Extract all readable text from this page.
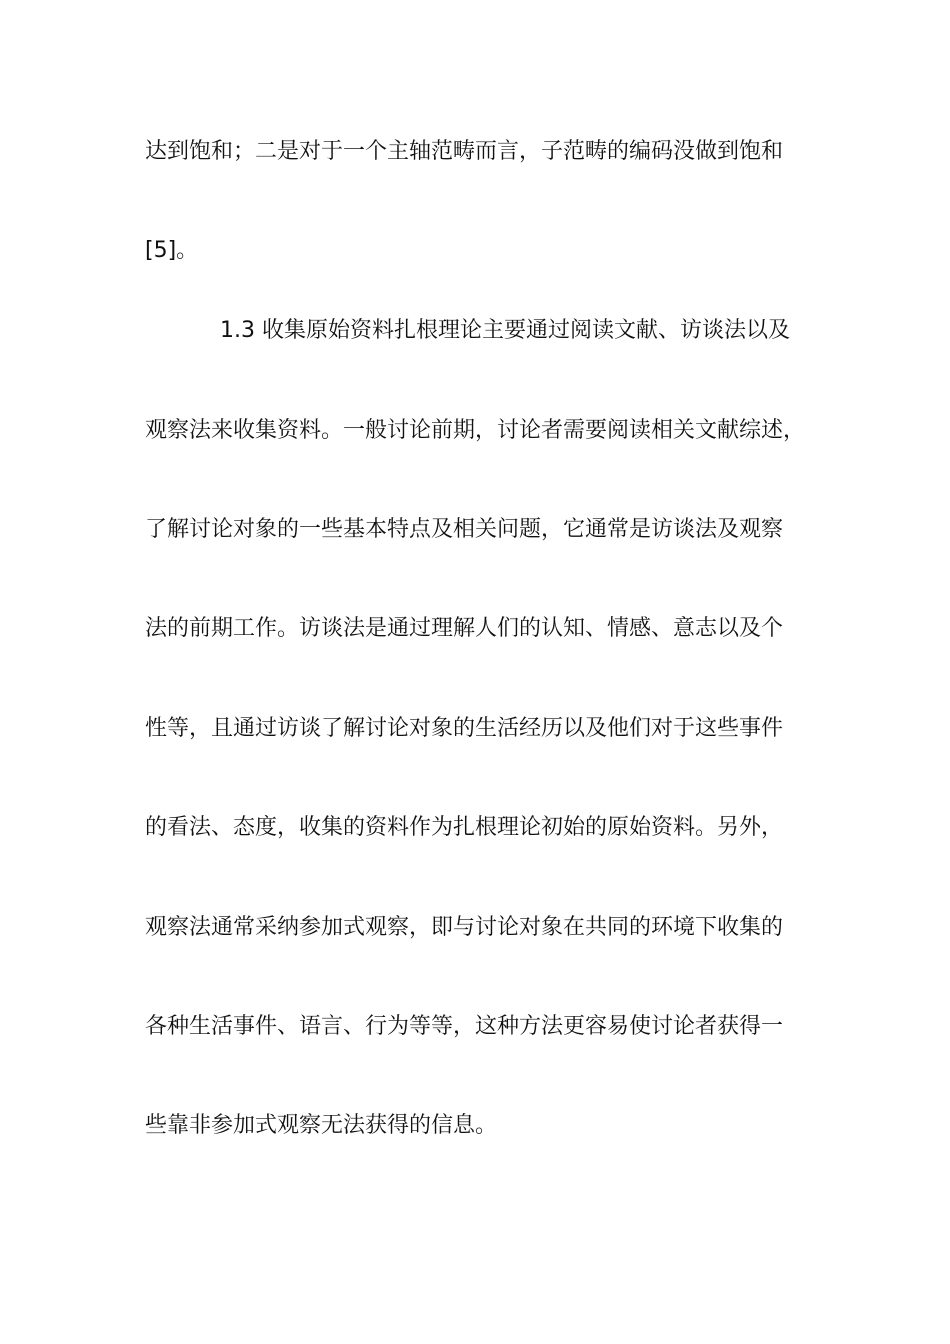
达到饱和；二是对于一个主轴范畴而言，子范畴的编码没做到饱和

[5]。

1.3 收集原始资料扎根理论主要通过阅读文献、访谈法以及

观察法来收集资料。一般讨论前期，讨论者需要阅读相关文献综述，

了解讨论对象的一些基本特点及相关问题，它通常是访谈法及观察

法的前期工作。访谈法是通过理解人们的认知、情感、意志以及个

性等，且通过访谈了解讨论对象的生活经历以及他们对于这些事件

的看法、态度，收集的资料作为扎根理论初始的原始资料。另外，

观察法通常采纳参加式观察，即与讨论对象在共同的环境下收集的

各种生活事件、语言、行为等等，这种方法更容易使讨论者获得一

些靠非参加式观察无法获得的信息。
